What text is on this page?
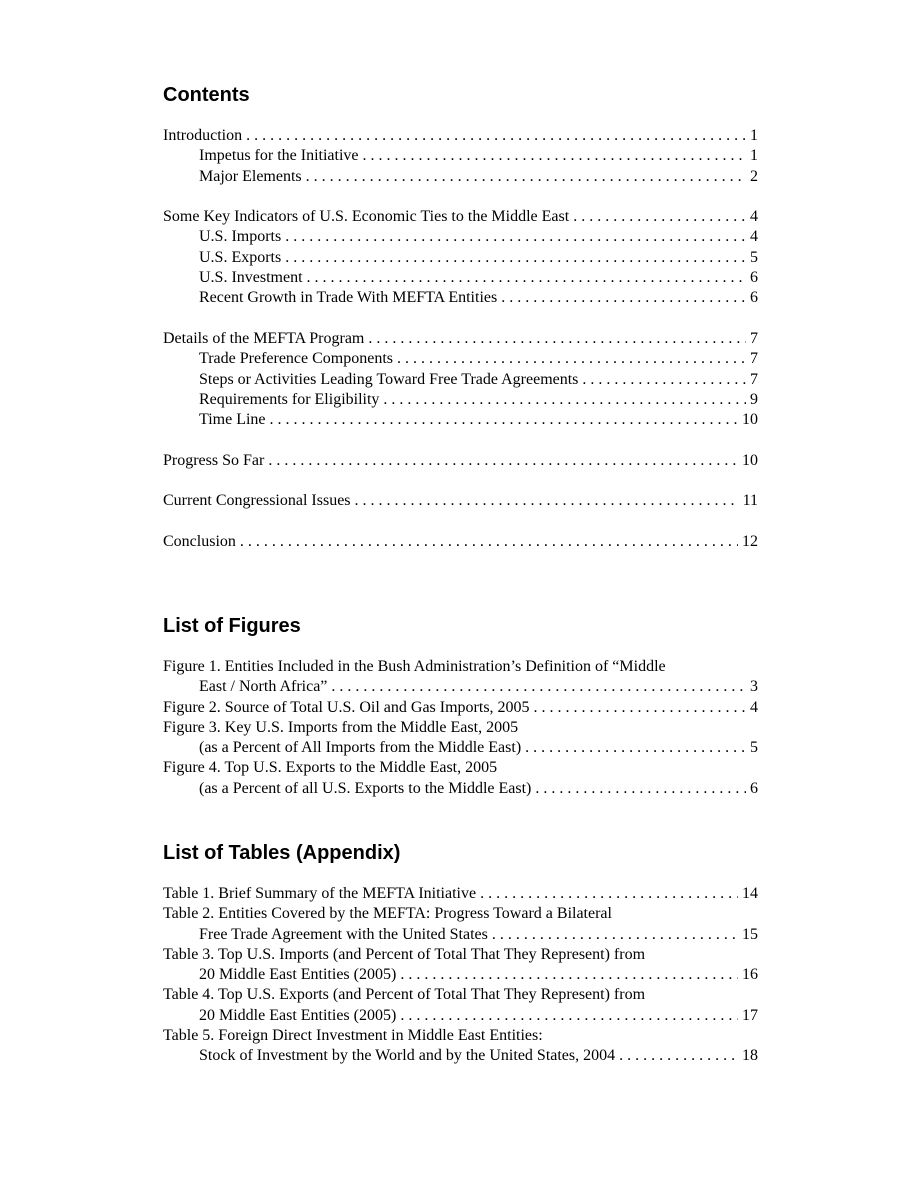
Contents
Introduction . . .	1
Impetus for the Initiative . . .	1
Major Elements . . .	2
Some Key Indicators of U.S. Economic Ties to the Middle East . . .	4
U.S. Imports . . .	4
U.S. Exports . . .	5
U.S. Investment . . .	6
Recent Growth in Trade With MEFTA Entities . . .	6
Details of the MEFTA Program . . .	7
Trade Preference Components . . .	7
Steps or Activities Leading Toward Free Trade Agreements . . .	7
Requirements for Eligibility . . .	9
Time Line . . .	10
Progress So Far . . .	10
Current Congressional Issues . . .	11
Conclusion . . .	12
List of Figures
Figure 1. Entities Included in the Bush Administration’s Definition of “Middle
East / North Africa” . . .	3
Figure 2. Source of Total U.S. Oil and Gas Imports, 2005 . . .	4
Figure 3. Key U.S. Imports from the Middle East, 2005
(as a Percent of All Imports from the Middle East) . . .	5
Figure 4. Top U.S. Exports to the Middle East, 2005
(as a Percent of all U.S. Exports to the Middle East) . . .	6
List of Tables (Appendix)
Table 1. Brief Summary of the MEFTA Initiative . . .	14
Table 2. Entities Covered by the MEFTA: Progress Toward a Bilateral
Free Trade Agreement with the United States . . .	15
Table 3. Top U.S. Imports (and Percent of Total That They Represent) from
20 Middle East Entities (2005) . . .	16
Table 4. Top U.S. Exports (and Percent of Total That They Represent) from
20 Middle East Entities (2005) . . .	17
Table 5. Foreign Direct Investment in Middle East Entities:
Stock of Investment by the World and by the United States, 2004 . . .	18
